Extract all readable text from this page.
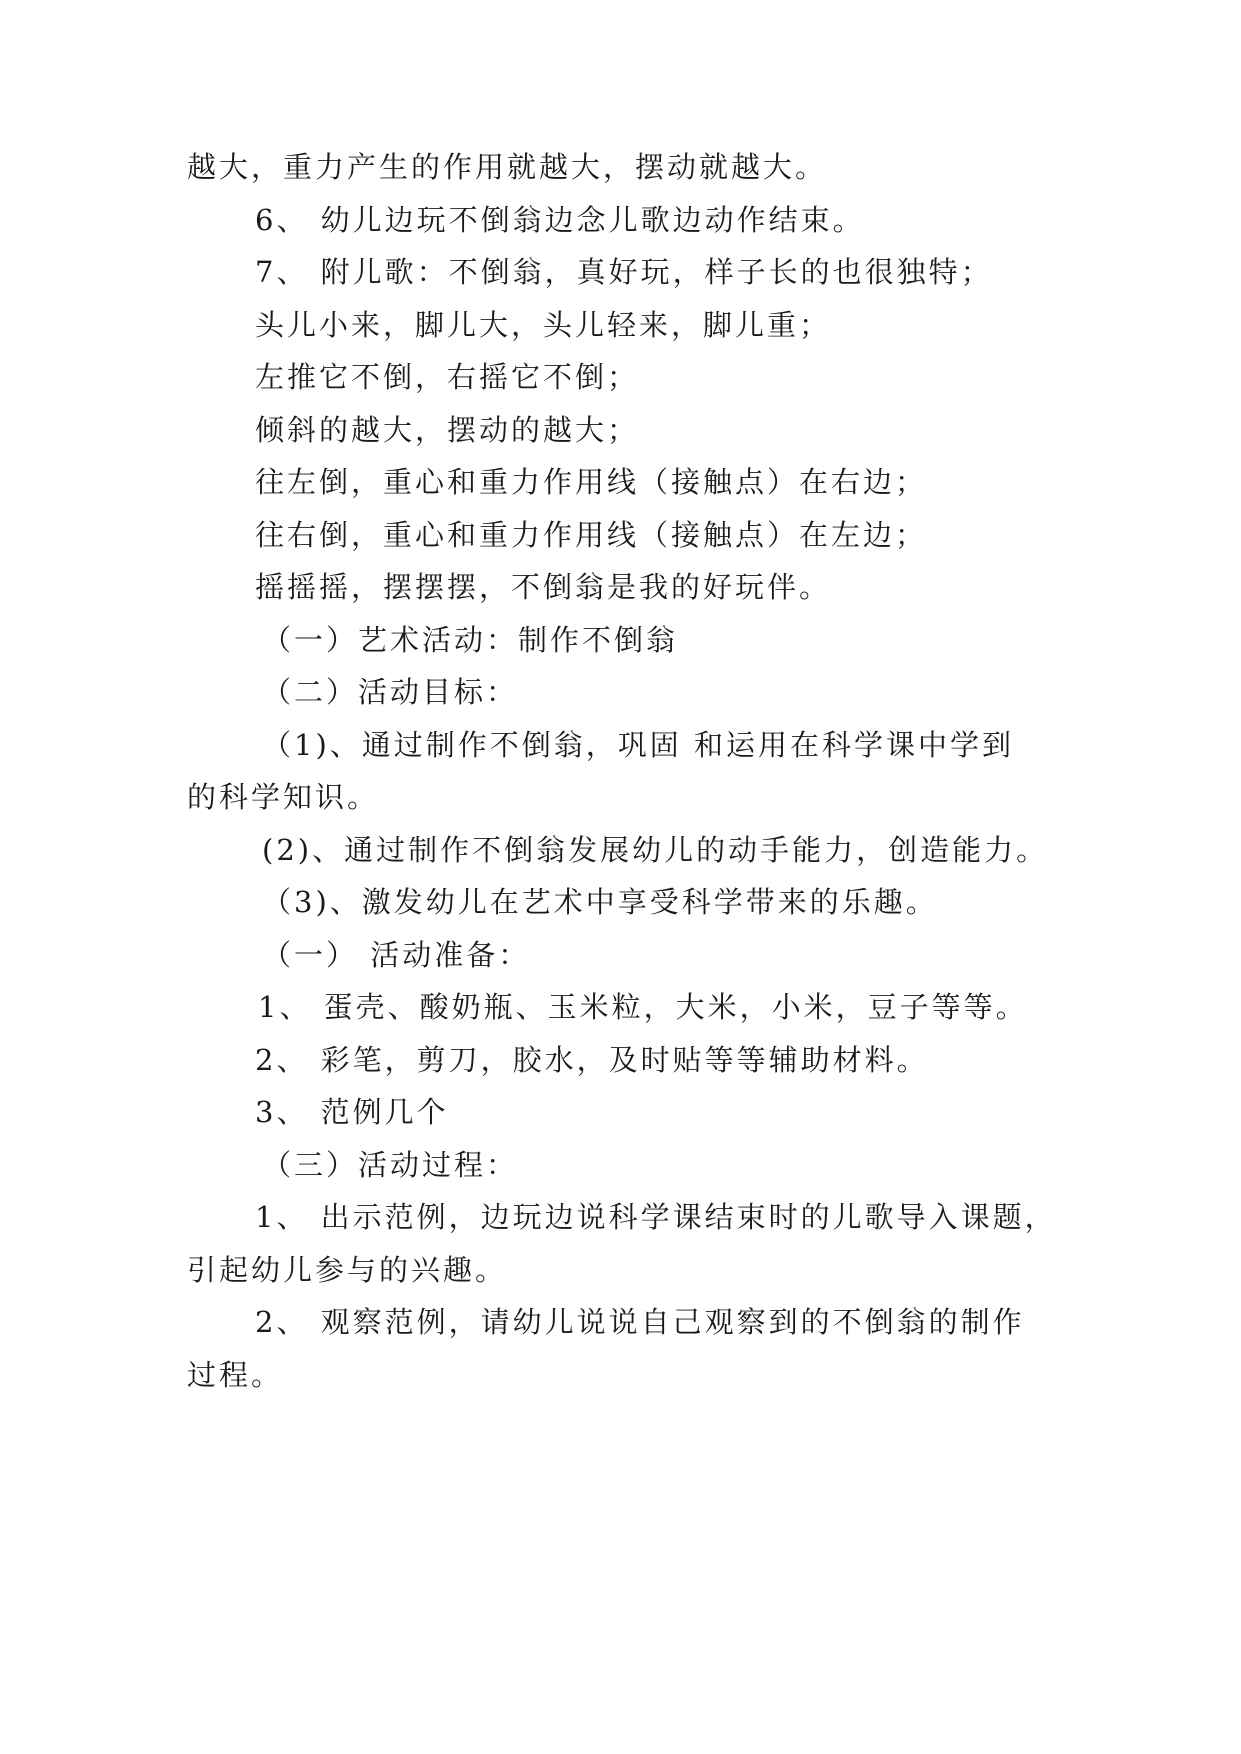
越大，重力产生的作用就越大，摆动就越大。
6、 幼儿边玩不倒翁边念儿歌边动作结束。
7、 附儿歌：不倒翁，真好玩，样子长的也很独特；
头儿小来，脚儿大，头儿轻来，脚儿重；
左推它不倒，右摇它不倒；
倾斜的越大，摆动的越大；
往左倒，重心和重力作用线（接触点）在右边；
往右倒，重心和重力作用线（接触点）在左边；
摇摇摇，摆摆摆，不倒翁是我的好玩伴。
（一）艺术活动：制作不倒翁
（二）活动目标：
（1)、通过制作不倒翁，巩固 和运用在科学课中学到
的科学知识。
(2)、通过制作不倒翁发展幼儿的动手能力，创造能力。
（3)、激发幼儿在艺术中享受科学带来的乐趣。
（一） 活动准备：
1、 蛋壳、酸奶瓶、玉米粒，大米，小米，豆子等等。
2、 彩笔，剪刀，胶水，及时贴等等辅助材料。
3、 范例几个
（三）活动过程：
1、 出示范例，边玩边说科学课结束时的儿歌导入课题，
引起幼儿参与的兴趣。
2、 观察范例，请幼儿说说自己观察到的不倒翁的制作
过程。
